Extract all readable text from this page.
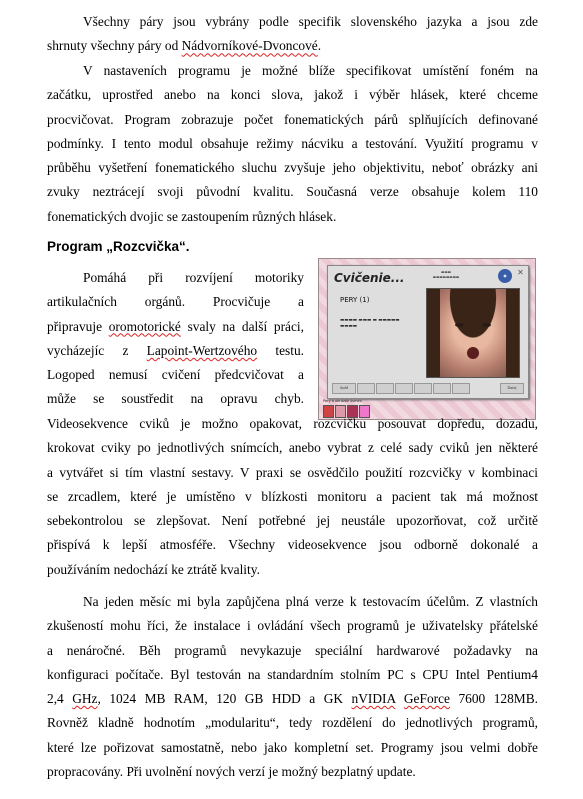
Všechny páry jsou vybrány podle specifik slovenského jazyka a jsou zde
shrnuty všechny páry od Nádvorníkové-Dvoncové.

V nastaveních programu je možné blíže specifikovat umístění foném na
začátku, uprostřed anebo na konci slova, jakož i výběr hlásek, které chceme
procvičovat. Program zobrazuje počet fonematických párů splňujících definované
podmínky. I tento modul obsahuje režimy nácviku a testování. Využití programu v
průběhu vyšetření fonematického sluchu zvyšuje jeho objektivitu, neboť obrázky ani
zvuky neztrácejí svoji původní kvalitu. Současná verze obsahuje kolem 110
fonematických dvojic se zastoupením různých hlásek.

Program „Rozcvička“.
Pomáhá při rozvíjení motoriky
artikulačních orgánů. Procvičuje a
připravuje oromotorické svaly na další práci,
vycházejíc z Lapoint-Wertzového testu.
Logoped nemusí cvičení předcvičovat a
může se soustředit na opravu chyb.
Cvičenie...	▬▬▬
▬▬▬▬▬▬▬▬	◉	✕
PERY (1)
▬▬▬▬ ▬▬▬ ▬ ▬▬▬▬▬
▬▬▬▬
Späť	Ďalej
Pery a obrázok úsmev

Videosekvence cviků je možno opakovat, rozcvičku posouvat dopředu, dozadu,
krokovat cviky po jednotlivých snímcích, anebo vybrat z celé sady cviků jen některé
a vytvářet si tím vlastní sestavy. V praxi se osvědčilo použití rozcvičky v kombinaci
se zrcadlem, které je umístěno v blízkosti monitoru a pacient tak má možnost
sebekontrolou se zlepšovat. Není potřebné jej neustále upozorňovat, což určitě
přispívá k lepší atmosféře. Všechny videosekvence jsou odborně dokonalé a
používáním nedochází ke ztrátě kvality.

Na jeden měsíc mi byla zapůjčena plná verze k testovacím účelům. Z vlastních
zkušeností mohu říci, že instalace i ovládání všech programů je uživatelsky přátelské
a nenáročné. Běh programů nevykazuje speciální hardwarové požadavky na
konfiguraci počítače. Byl testován na standardním stolním PC s CPU Intel Pentium4
2,4 GHz, 1024 MB RAM, 120 GB HDD a GK nVIDIA GeForce 7600 128MB.
Rovněž kladně hodnotím „modularitu“, tedy rozdělení do jednotlivých programů,
které lze pořizovat samostatně, nebo jako kompletní set. Programy jsou velmi dobře
propracovány. Při uvolnění nových verzí je možný bezplatný update.
